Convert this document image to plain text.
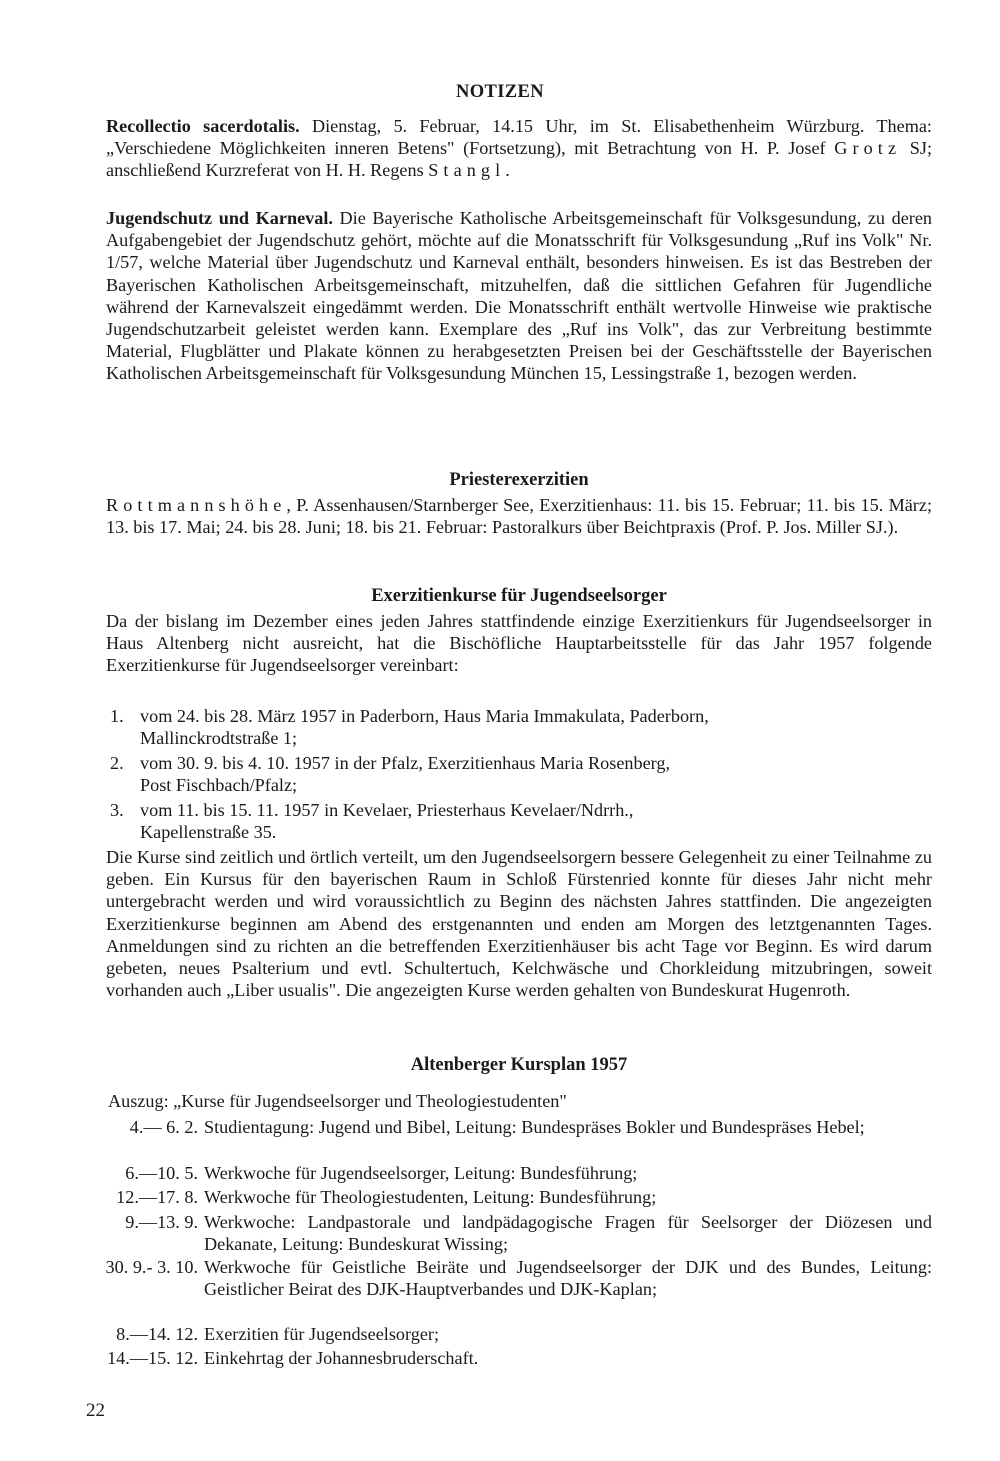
NOTIZEN

Recollectio sacerdotalis. Dienstag, 5. Februar, 14.15 Uhr, im St. Elisabethenheim Würzburg. Thema: „Verschiedene Möglichkeiten inneren Betens" (Fortsetzung), mit Betrachtung von H. P. Josef Grotz SJ; anschließend Kurzreferat von H. H. Regens Stangl.

Jugendschutz und Karneval. Die Bayerische Katholische Arbeitsgemeinschaft für Volksgesundung, zu deren Aufgabengebiet der Jugendschutz gehört, möchte auf die Monatsschrift für Volksgesundung „Ruf ins Volk" Nr. 1/57, welche Material über Jugendschutz und Karneval enthält, besonders hinweisen. Es ist das Bestreben der Bayerischen Katholischen Arbeitsgemeinschaft, mitzuhelfen, daß die sittlichen Gefahren für Jugendliche während der Karnevalszeit eingedämmt werden. Die Monatsschrift enthält wertvolle Hinweise wie praktische Jugendschutzarbeit geleistet werden kann. Exemplare des „Ruf ins Volk", das zur Verbreitung bestimmte Material, Flugblätter und Plakate können zu herabgesetzten Preisen bei der Geschäftsstelle der Bayerischen Katholischen Arbeitsgemeinschaft für Volksgesundung München 15, Lessingstraße 1, bezogen werden.

Priesterexerzitien

Rottmannshöhe, P. Assenhausen/Starnberger See, Exerzitienhaus: 11. bis 15. Februar; 11. bis 15. März; 13. bis 17. Mai; 24. bis 28. Juni; 18. bis 21. Februar: Pastoralkurs über Beichtpraxis (Prof. P. Jos. Miller SJ.).

Exerzitienkurse für Jugendseelsorger

Da der bislang im Dezember eines jeden Jahres stattfindende einzige Exerzitienkurs für Jugendseelsorger in Haus Altenberg nicht ausreicht, hat die Bischöfliche Hauptarbeitsstelle für das Jahr 1957 folgende Exerzitienkurse für Jugendseelsorger vereinbart:

1. vom 24. bis 28. März 1957 in Paderborn, Haus Maria Immakulata, Paderborn,
Mallinckrodtstraße 1;
2. vom 30. 9. bis 4. 10. 1957 in der Pfalz, Exerzitienhaus Maria Rosenberg,
Post Fischbach/Pfalz;
3. vom 11. bis 15. 11. 1957 in Kevelaer, Priesterhaus Kevelaer/Ndrrh.,
Kapellenstraße 35.

Die Kurse sind zeitlich und örtlich verteilt, um den Jugendseelsorgern bessere Gelegenheit zu einer Teilnahme zu geben. Ein Kursus für den bayerischen Raum in Schloß Fürstenried konnte für dieses Jahr nicht mehr untergebracht werden und wird voraussichtlich zu Beginn des nächsten Jahres stattfinden. Die angezeigten Exerzitienkurse beginnen am Abend des erstgenannten und enden am Morgen des letztgenannten Tages. Anmeldungen sind zu richten an die betreffenden Exerzitienhäuser bis acht Tage vor Beginn. Es wird darum gebeten, neues Psalterium und evtl. Schultertuch, Kelchwäsche und Chorkleidung mitzubringen, soweit vorhanden auch „Liber usualis". Die angezeigten Kurse werden gehalten von Bundeskurat Hugenroth.

Altenberger Kursplan 1957

Auszug: „Kurse für Jugendseelsorger und Theologiestudenten"
4.— 6. 2. Studientagung: Jugend und Bibel, Leitung: Bundespräses Bokler und Bundespräses Hebel;
6.—10. 5. Werkwoche für Jugendseelsorger, Leitung: Bundesführung;
12.—17. 8. Werkwoche für Theologiestudenten, Leitung: Bundesführung;
9.—13. 9. Werkwoche: Landpastorale und landpädagogische Fragen für Seelsorger der Diözesen und Dekanate, Leitung: Bundeskurat Wissing;
30. 9.- 3. 10. Werkwoche für Geistliche Beiräte und Jugendseelsorger der DJK und des Bundes, Leitung: Geistlicher Beirat des DJK-Hauptverbandes und DJK-Kaplan;
8.—14. 12. Exerzitien für Jugendseelsorger;
14.—15. 12. Einkehrtag der Johannesbruderschaft.
22
